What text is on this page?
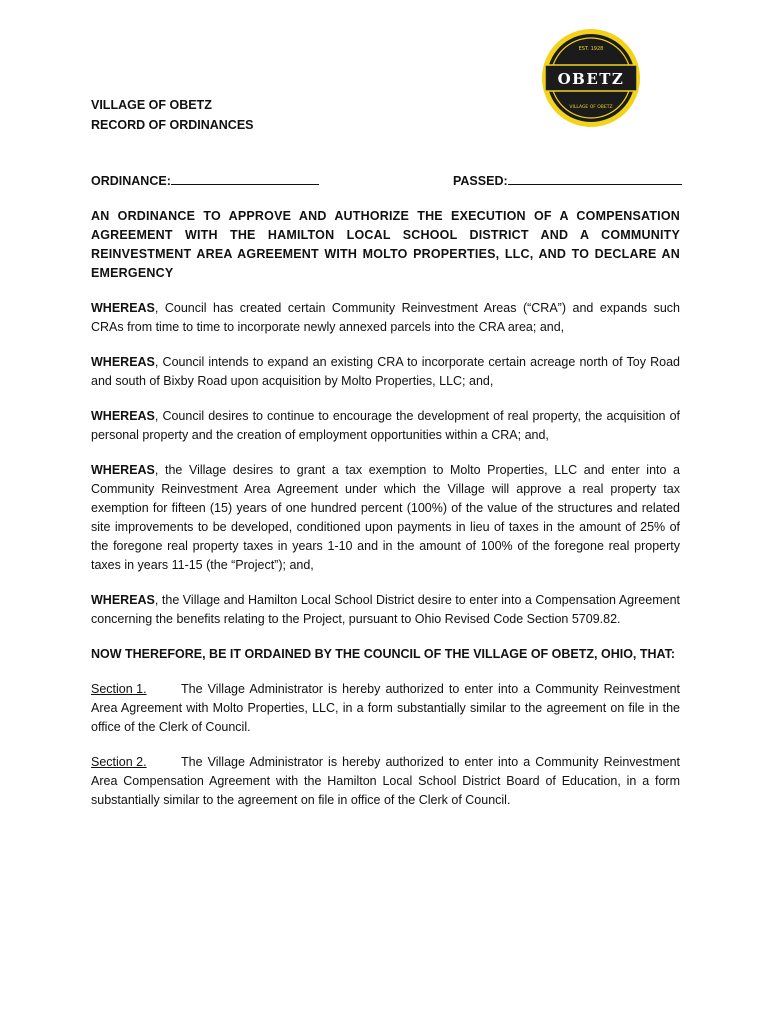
OBETZ
EST. 1928
VILLAGE OF OBETZ
VILLAGE OF OBETZ
RECORD OF ORDINANCES
ORDINANCE:	PASSED:

AN ORDINANCE TO APPROVE AND AUTHORIZE THE EXECUTION OF A COMPENSATION AGREEMENT WITH THE HAMILTON LOCAL SCHOOL DISTRICT AND A COMMUNITY REINVESTMENT AREA AGREEMENT WITH MOLTO PROPERTIES, LLC, AND TO DECLARE AN EMERGENCY

WHEREAS, Council has created certain Community Reinvestment Areas (“CRA”) and expands such CRAs from time to time to incorporate newly annexed parcels into the CRA area; and,

WHEREAS, Council intends to expand an existing CRA to incorporate certain acreage north of Toy Road and south of Bixby Road upon acquisition by Molto Properties, LLC; and,

WHEREAS, Council desires to continue to encourage the development of real property, the acquisition of personal property and the creation of employment opportunities within a CRA; and,

WHEREAS, the Village desires to grant a tax exemption to Molto Properties, LLC and enter into a Community Reinvestment Area Agreement under which the Village will approve a real property tax exemption for fifteen (15) years of one hundred percent (100%) of the value of the structures and related site improvements to be developed, conditioned upon payments in lieu of taxes in the amount of 25% of the foregone real property taxes in years 1-10 and in the amount of 100% of the foregone real property taxes in years 11-15 (the “Project”); and,

WHEREAS, the Village and Hamilton Local School District desire to enter into a Compensation Agreement concerning the benefits relating to the Project, pursuant to Ohio Revised Code Section 5709.82.

NOW THEREFORE, BE IT ORDAINED BY THE COUNCIL OF THE VILLAGE OF OBETZ, OHIO, THAT:

Section 1.	The Village Administrator is hereby authorized to enter into a Community Reinvestment Area Agreement with Molto Properties, LLC, in a form substantially similar to the agreement on file in the office of the Clerk of Council.

Section 2.	The Village Administrator is hereby authorized to enter into a Community Reinvestment Area Compensation Agreement with the Hamilton Local School District Board of Education, in a form substantially similar to the agreement on file in office of the Clerk of Council.
